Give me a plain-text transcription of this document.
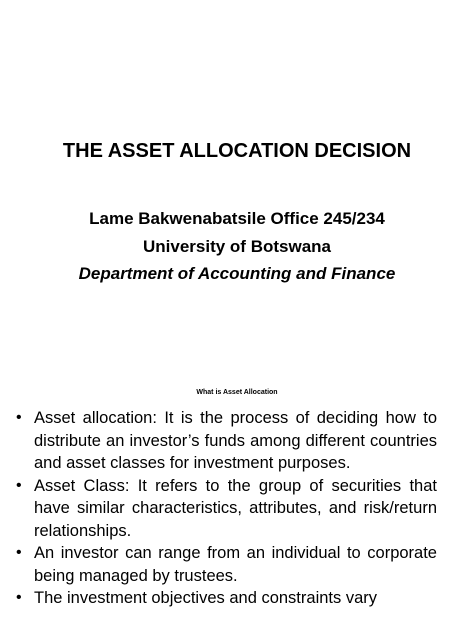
THE ASSET ALLOCATION DECISION
Lame Bakwenabatsile Office 245/234
University of Botswana
Department of Accounting and Finance
What is Asset Allocation
• Asset allocation: It is the process of deciding how to distribute an investor’s funds among different countries and asset classes for investment purposes.
• Asset Class: It refers to the group of securities that have similar characteristics, attributes, and risk/return relationships.
• An investor can range from an individual to corporate being managed by trustees.
• The investment objectives and constraints vary
